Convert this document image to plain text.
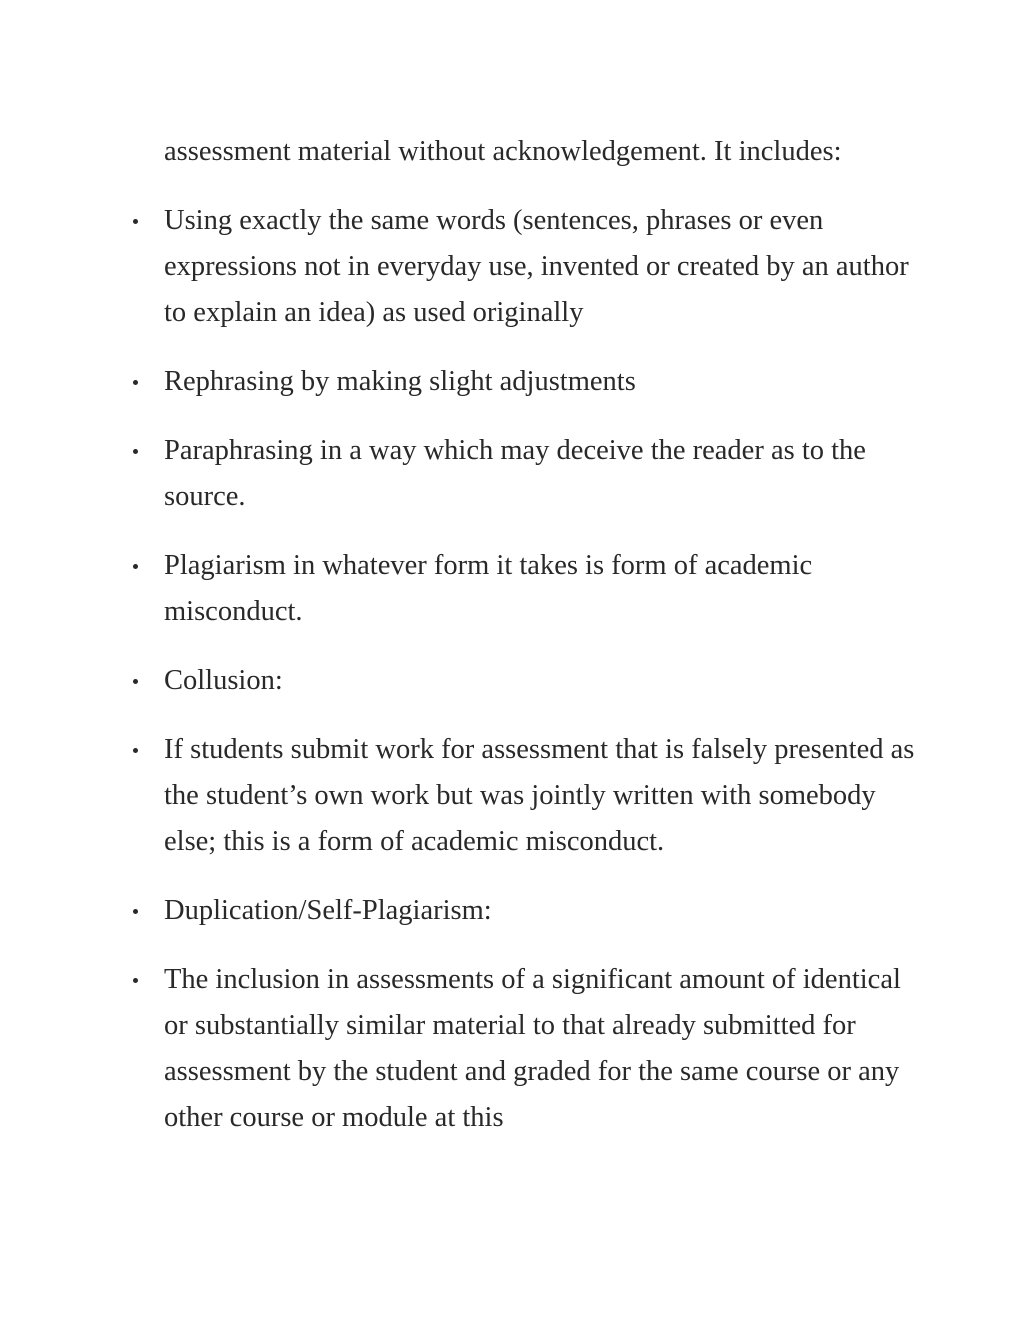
assessment material without acknowledgement. It includes:

Using exactly the same words (sentences, phrases or even expressions not in everyday use, invented or created by an author to explain an idea) as used originally
Rephrasing by making slight adjustments
Paraphrasing in a way which may deceive the reader as to the source.
Plagiarism in whatever form it takes is form of academic misconduct.
Collusion:
If students submit work for assessment that is falsely presented as the student’s own work but was jointly written with somebody else; this is a form of academic misconduct.
Duplication/Self-Plagiarism:
The inclusion in assessments of a significant amount of identical or substantially similar material to that already submitted for assessment by the student and graded for the same course or any other course or module at this
